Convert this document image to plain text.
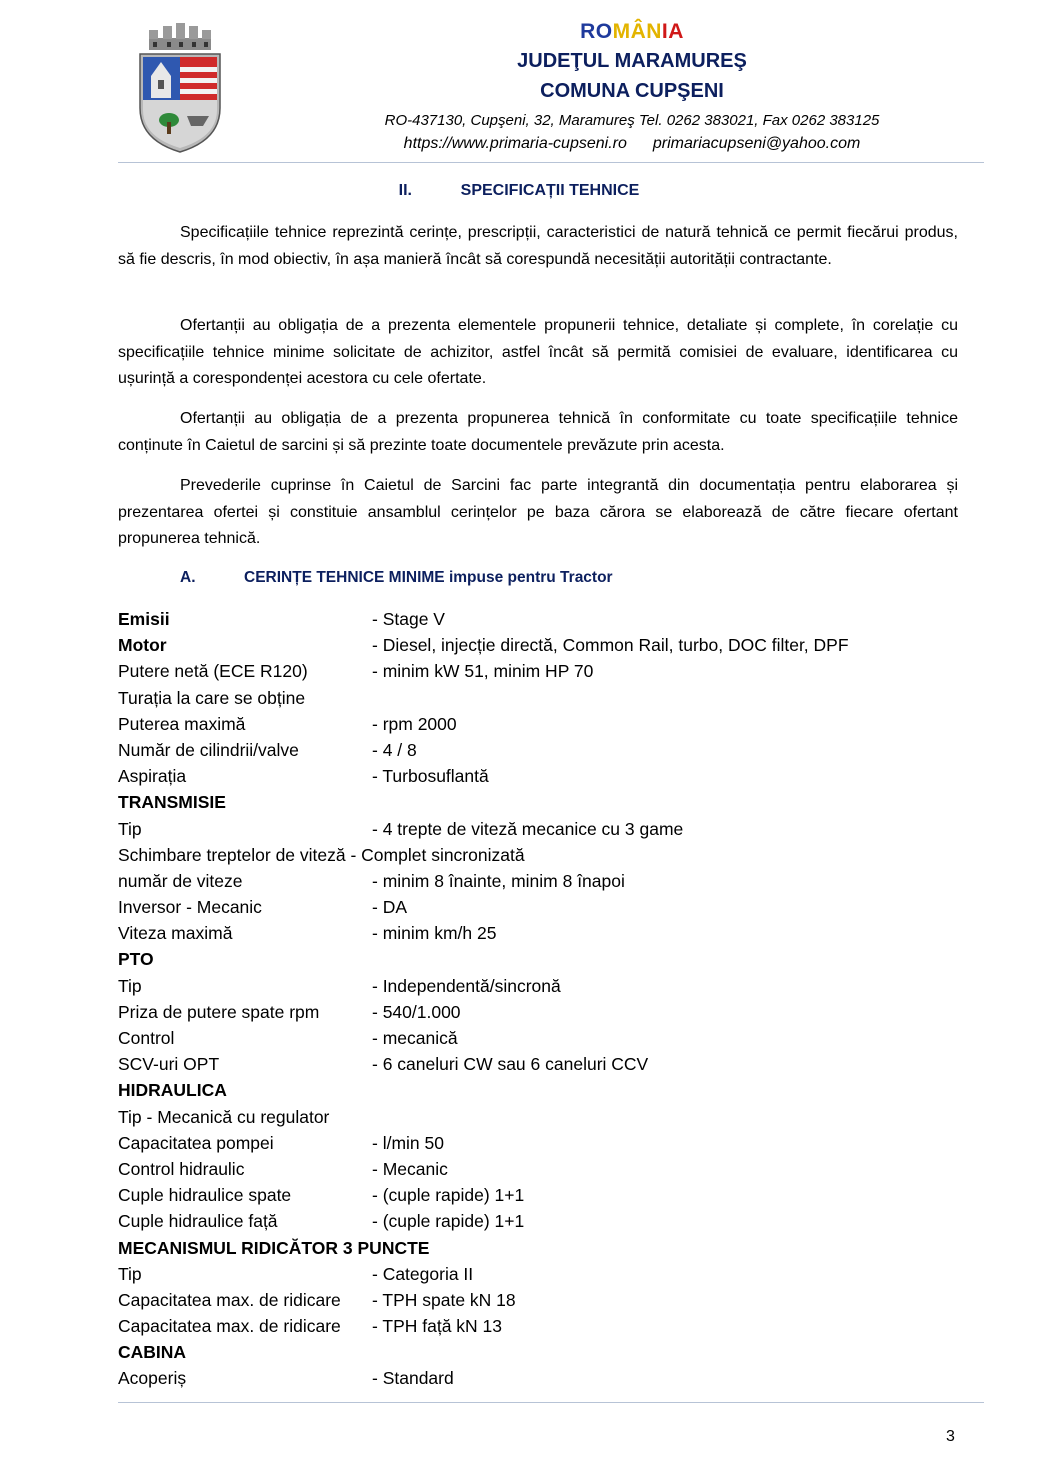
ROMÂNIA
JUDEŢUL MARAMUREŞ
COMUNA CUPŞENI
RO-437130, Cupşeni, 32, Maramureş Tel. 0262 383021, Fax 0262 383125
https://www.primaria-cupseni.ro primariacupseni@yahoo.com
II.	SPECIFICAȚII TEHNICE

Specificațiile tehnice reprezintă cerințe, prescripții, caracteristici de natură tehnică ce permit fiecărui produs, să fie descris, în mod obiectiv, în așa manieră încât să corespundă necesității autorității contractante.

Ofertanții au obligația de a prezenta elementele propunerii tehnice, detaliate și complete, în corelație cu specificațiile tehnice minime solicitate de achizitor, astfel încât să permită comisiei de evaluare, identificarea cu ușurință a corespondenței acestora cu cele ofertate.

Ofertanții au obligația de a prezenta propunerea tehnică în conformitate cu toate specificațiile tehnice conținute în Caietul de sarcini și să prezinte toate documentele prevăzute prin acesta.

Prevederile cuprinse în Caietul de Sarcini fac parte integrantă din documentația pentru elaborarea și prezentarea ofertei și constituie ansamblul cerințelor pe baza cărora se elaborează de către fiecare ofertant propunerea tehnică.

A.	CERINȚE TEHNICE MINIME impuse pentru Tractor
Emisii	- Stage V
Motor	- Diesel, injecție directă, Common Rail, turbo, DOC filter, DPF
Putere netă (ECE R120)	- minim kW 51, minim HP 70
Turația la care se obține
Puterea maximă	- rpm 2000
Număr de cilindrii/valve	- 4 / 8
Aspirația	- Turbosuflantă
TRANSMISIE
Tip	- 4 trepte de viteză mecanice cu 3 game
Schimbare treptelor de viteză - Complet sincronizată
număr de viteze	- minim 8 înainte, minim 8 înapoi
Inversor - Mecanic	- DA
Viteza maximă	- minim km/h 25
PTO
Tip	- Independentă/sincronă
Priza de putere spate rpm	- 540/1.000
Control	- mecanică
SCV-uri OPT	- 6 caneluri CW sau 6 caneluri CCV
HIDRAULICA
Tip - Mecanică cu regulator
Capacitatea pompei	- l/min 50
Control hidraulic	- Mecanic
Cuple hidraulice spate	- (cuple rapide) 1+1
Cuple hidraulice față	- (cuple rapide) 1+1
MECANISMUL RIDICĂTOR 3 PUNCTE
Tip	- Categoria II
Capacitatea max. de ridicare - TPH spate kN 18
Capacitatea max. de ridicare - TPH față kN 13
CABINA
Acoperiș	- Standard
3
